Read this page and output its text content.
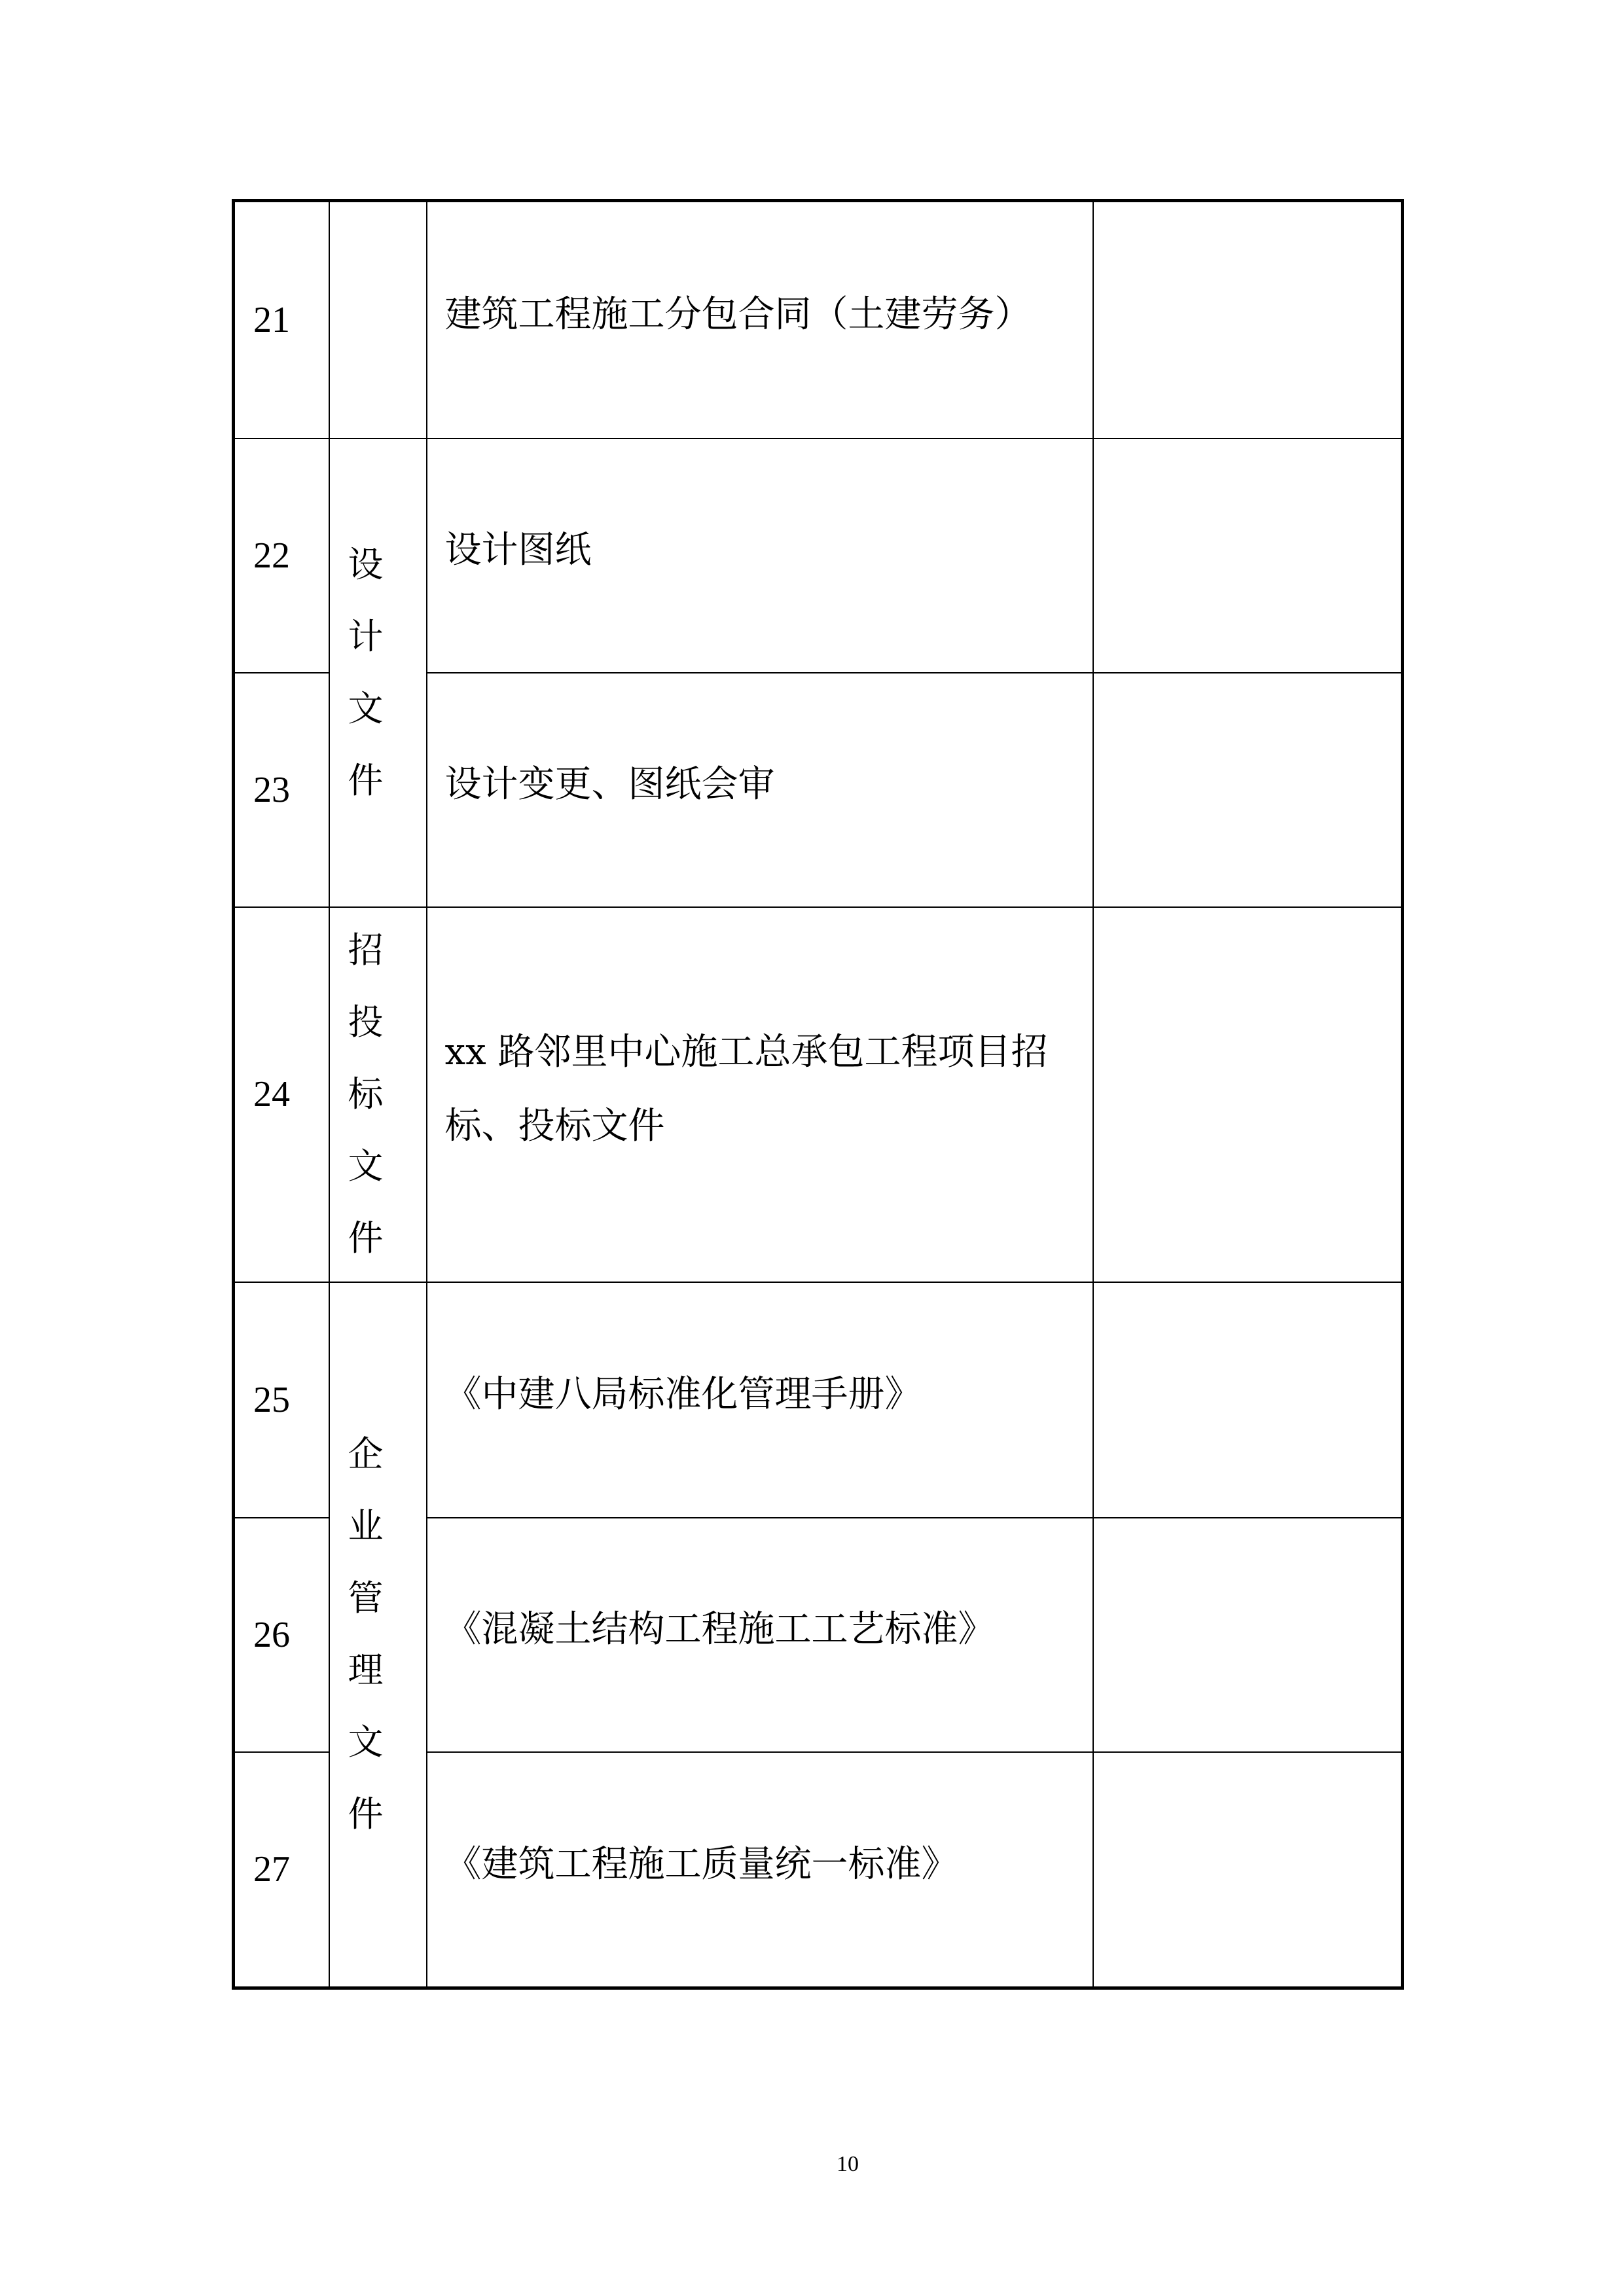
21		建筑工程施工分包合同（土建劳务）	

22	设计文件	设计图纸	

23		设计变更、图纸会审	

24	招投标文件	xx 路邻里中心施工总承包工程项目招标、投标文件	

25	企业管理文件	《中建八局标准化管理手册》	

26		《混凝土结构工程施工工艺标准》	

27		《建筑工程施工质量统一标准》	

10
